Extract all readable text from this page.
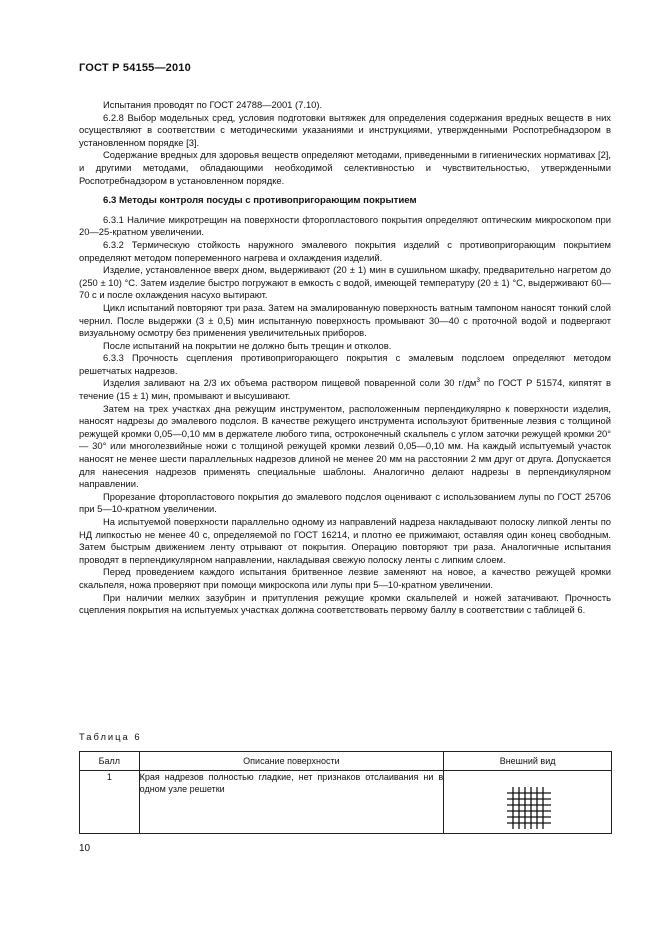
ГОСТ Р 54155—2010

Испытания проводят по ГОСТ 24788—2001 (7.10).

6.2.8 Выбор модельных сред, условия подготовки вытяжек для определения содержания вредных веществ в них осуществляют в соответствии с методическими указаниями и инструкциями, утвержденными Роспотребнадзором в установленном порядке [3].

Содержание вредных для здоровья веществ определяют методами, приведенными в гигиенических нормативах [2], и другими методами, обладающими необходимой селективностью и чувствительностью, утвержденными Роспотребнадзором в установленном порядке.

6.3 Методы контроля посуды с противопригорающим покрытием

6.3.1 Наличие микротрещин на поверхности фторопластового покрытия определяют оптическим микроскопом при 20—25-кратном увеличении.

6.3.2 Термическую стойкость наружного эмалевого покрытия изделий с противопригорающим покрытием определяют методом попеременного нагрева и охлаждения изделий.

Изделие, установленное вверх дном, выдерживают (20 ± 1) мин в сушильном шкафу, предварительно нагретом до (250 ± 10) °С. Затем изделие быстро погружают в емкость с водой, имеющей температуру (20 ± 1) °С, выдерживают 60—70 с и после охлаждения насухо вытирают.

Цикл испытаний повторяют три раза. Затем на эмалированную поверхность ватным тампоном наносят тонкий слой чернил. После выдержки (3 ± 0,5) мин испытанную поверхность промывают 30—40 с проточной водой и подвергают визуальному осмотру без применения увеличительных приборов.

После испытаний на покрытии не должно быть трещин и отколов.

6.3.3 Прочность сцепления противопригорающего покрытия с эмалевым подслоем определяют методом решетчатых надрезов.

Изделия заливают на 2/3 их объема раствором пищевой поваренной соли 30 $г/дм^3$ по ГОСТ Р 51574, кипятят в течение (15 ± 1) мин, промывают и высушивают.

Затем на трех участках дна режущим инструментом, расположенным перпендикулярно к поверхности изделия, наносят надрезы до эмалевого подслоя. В качестве режущего инструмента используют бритвенные лезвия с толщиной режущей кромки 0,05—0,10 мм в держателе любого типа, остроконечный скальпель с углом заточки режущей кромки 20° — 30° или многолезвийные ножи с толщиной режущей кромки лезвий 0,05—0,10 мм. На каждый испытуемый участок наносят не менее шести параллельных надрезов длиной не менее 20 мм на расстоянии 2 мм друг от друга. Допускается для нанесения надрезов применять специальные шаблоны. Аналогично делают надрезы в перпендикулярном направлении.

Прорезание фторопластового покрытия до эмалевого подслоя оценивают с использованием лупы по ГОСТ 25706 при 5—10-кратном увеличении.

На испытуемой поверхности параллельно одному из направлений надреза накладывают полоску липкой ленты по НД липкостью не менее 40 с, определяемой по ГОСТ 16214, и плотно ее прижимают, оставляя один конец свободным. Затем быстрым движением ленту отрывают от покрытия. Операцию повторяют три раза. Аналогичные испытания проводят в перпендикулярном направлении, накладывая свежую полоску ленты с липким слоем.

Перед проведением каждого испытания бритвенное лезвие заменяют на новое, а качество режущей кромки скальпеля, ножа проверяют при помощи микроскопа или лупы при 5—10-кратном увеличении.

При наличии мелких зазубрин и притупления режущие кромки скальпелей и ножей затачивают. Прочность сцепления покрытия на испытуемых участках должна соответствовать первому баллу в соответствии с таблицей 6.

Таблица 6
Балл	Описание поверхности	Внешний вид
1	Края надрезов полностью гладкие, нет признаков отслаивания ни в одном узле решетки	
10
